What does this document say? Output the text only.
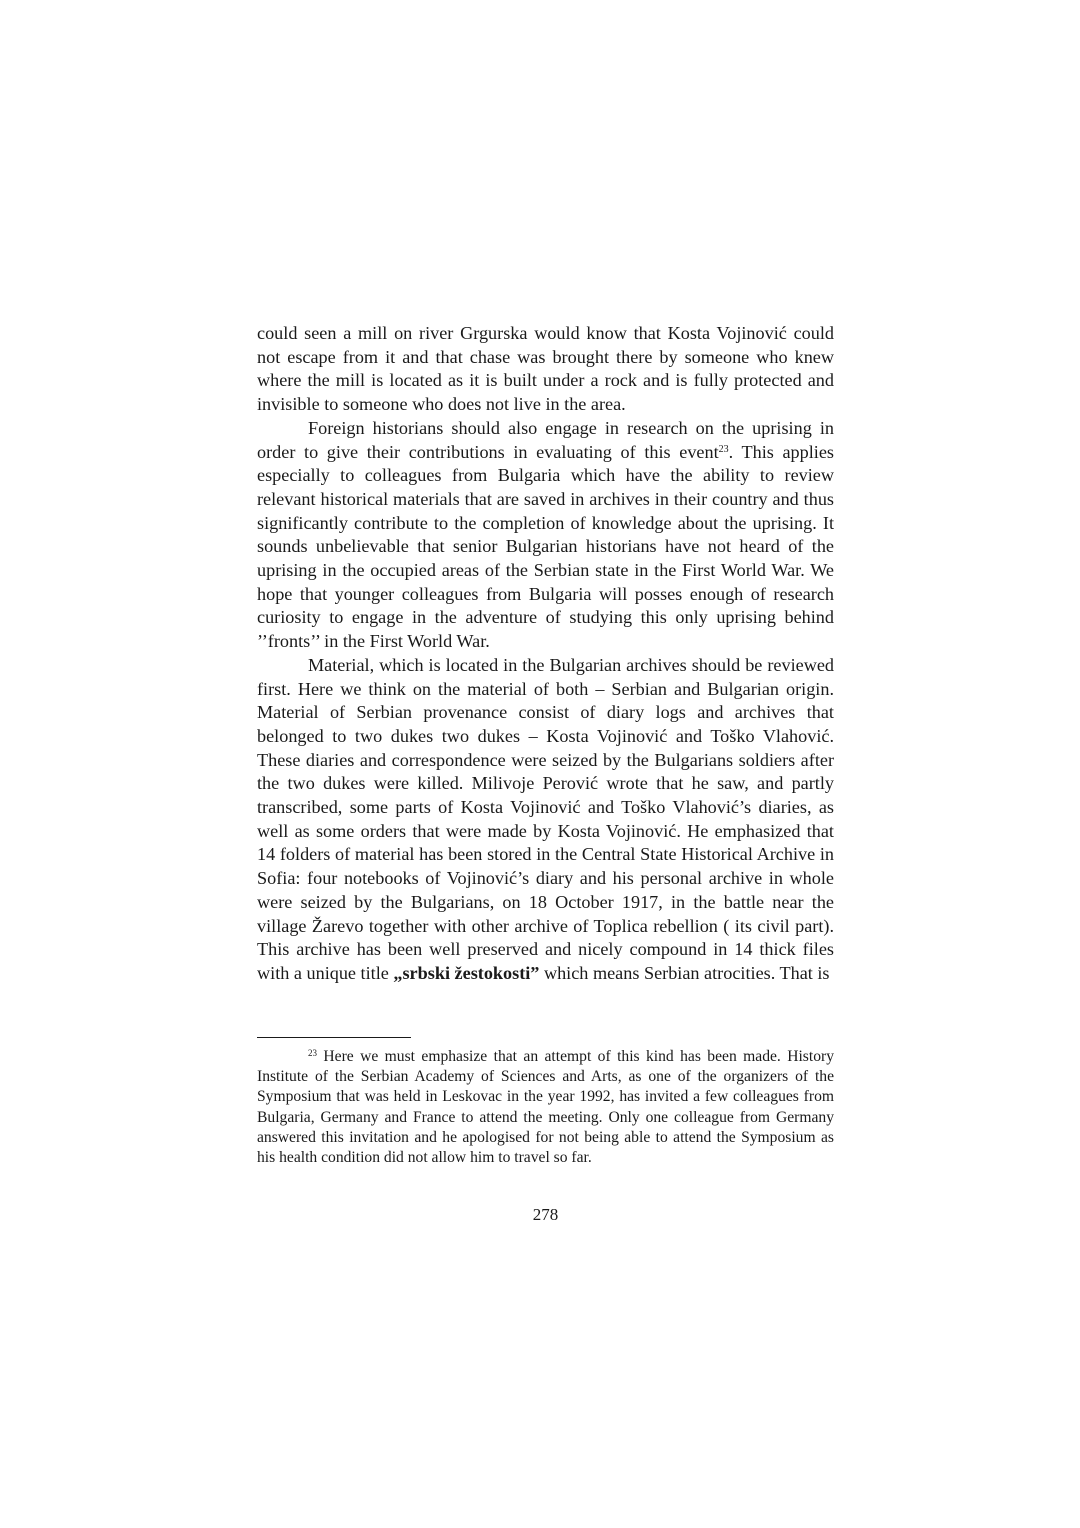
could seen a mill on river Grgurska would know that Kosta Vojinović could not escape from it and that chase was brought there by someone who knew where the mill is located as it is built under a rock and is fully protected and invisible to someone who does not live in the area.

Foreign historians should also engage in research on the uprising in order to give their contributions in evaluating of this event$^{23}$. This applies especially to colleagues from Bulgaria which have the ability to review relevant historical materials that are saved in archives in their country and thus significantly contribute to the completion of knowledge about the uprising. It sounds unbelievable that senior Bulgarian historians have not heard of the uprising in the occupied areas of the Serbian state in the First World War. We hope that younger colleagues from Bulgaria will posses enough of research curiosity to engage in the adventure of studying this only uprising behind ’’fronts’’ in the First World War.

Material, which is located in the Bulgarian archives should be reviewed first. Here we think on the material of both – Serbian and Bulgarian origin. Material of Serbian provenance consist of diary logs and archives that belonged to two dukes two dukes – Kosta Vojinović and Toško Vlahović. These diaries and correspondence were seized by the Bulgarians soldiers after the two dukes were killed. Milivoje Perović wrote that he saw, and partly transcribed, some parts of Kosta Vojinović and Toško Vlahović’s diaries, as well as some orders that were made by Kosta Vojinović. He emphasized that 14 folders of material has been stored in the Central State Historical Archive in Sofia: four notebooks of Vojinović’s diary and his personal archive in whole were seized by the Bulgarians, on 18 October 1917, in the battle near the village Žarevo together with other archive of Toplica rebellion ( its civil part). This archive has been well preserved and nicely compound in 14 thick files with a unique title „srbski žestokosti” which means Serbian atrocities. That is

$^{23}$ Here we must emphasize that an attempt of this kind has been made. History Institute of the Serbian Academy of Sciences and Arts, as one of the organizers of the Symposium that was held in Leskovac in the year 1992, has invited a few colleagues from Bulgaria, Germany and France to attend the meeting. Only one colleague from Germany answered this invitation and he apologised for not being able to attend the Symposium as his health condition did not allow him to travel so far.

278
